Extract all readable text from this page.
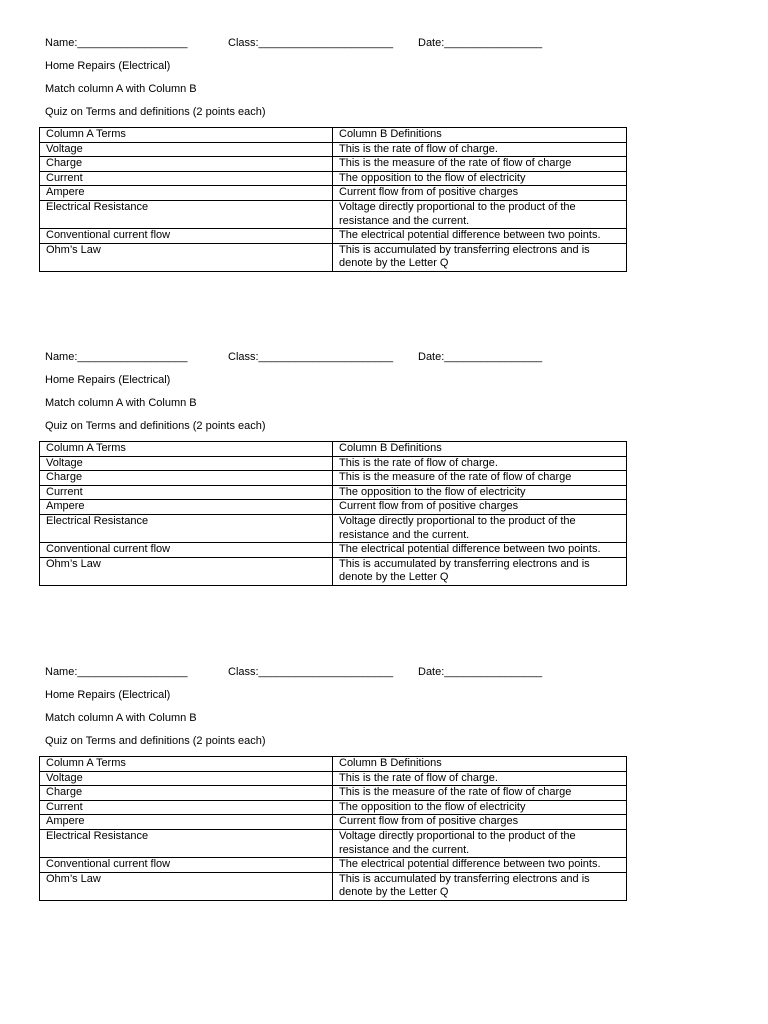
Name:__________________	Class:______________________ Date:________________
Home Repairs (Electrical)
Match column A with Column B
Quiz on Terms and definitions (2 points each)
Column A Terms	Column B Definitions
Voltage	This is the rate of flow of charge.
Charge	This is the measure of the rate of flow of charge
Current	The opposition to the flow of electricity
Ampere	Current flow from of positive charges
Electrical Resistance	Voltage directly proportional to the product of the resistance and the current.
Conventional current flow	The electrical potential difference between two points.
Ohm’s Law	This is accumulated by transferring electrons and is denote by the Letter Q
Name:__________________	Class:______________________ Date:________________
Home Repairs (Electrical)
Match column A with Column B
Quiz on Terms and definitions (2 points each)
Column A Terms	Column B Definitions
Voltage	This is the rate of flow of charge.
Charge	This is the measure of the rate of flow of charge
Current	The opposition to the flow of electricity
Ampere	Current flow from of positive charges
Electrical Resistance	Voltage directly proportional to the product of the resistance and the current.
Conventional current flow	The electrical potential difference between two points.
Ohm’s Law	This is accumulated by transferring electrons and is denote by the Letter Q
Name:__________________	Class:______________________ Date:________________
Home Repairs (Electrical)
Match column A with Column B
Quiz on Terms and definitions (2 points each)
Column A Terms	Column B Definitions
Voltage	This is the rate of flow of charge.
Charge	This is the measure of the rate of flow of charge
Current	The opposition to the flow of electricity
Ampere	Current flow from of positive charges
Electrical Resistance	Voltage directly proportional to the product of the resistance and the current.
Conventional current flow	The electrical potential difference between two points.
Ohm’s Law	This is accumulated by transferring electrons and is denote by the Letter Q
